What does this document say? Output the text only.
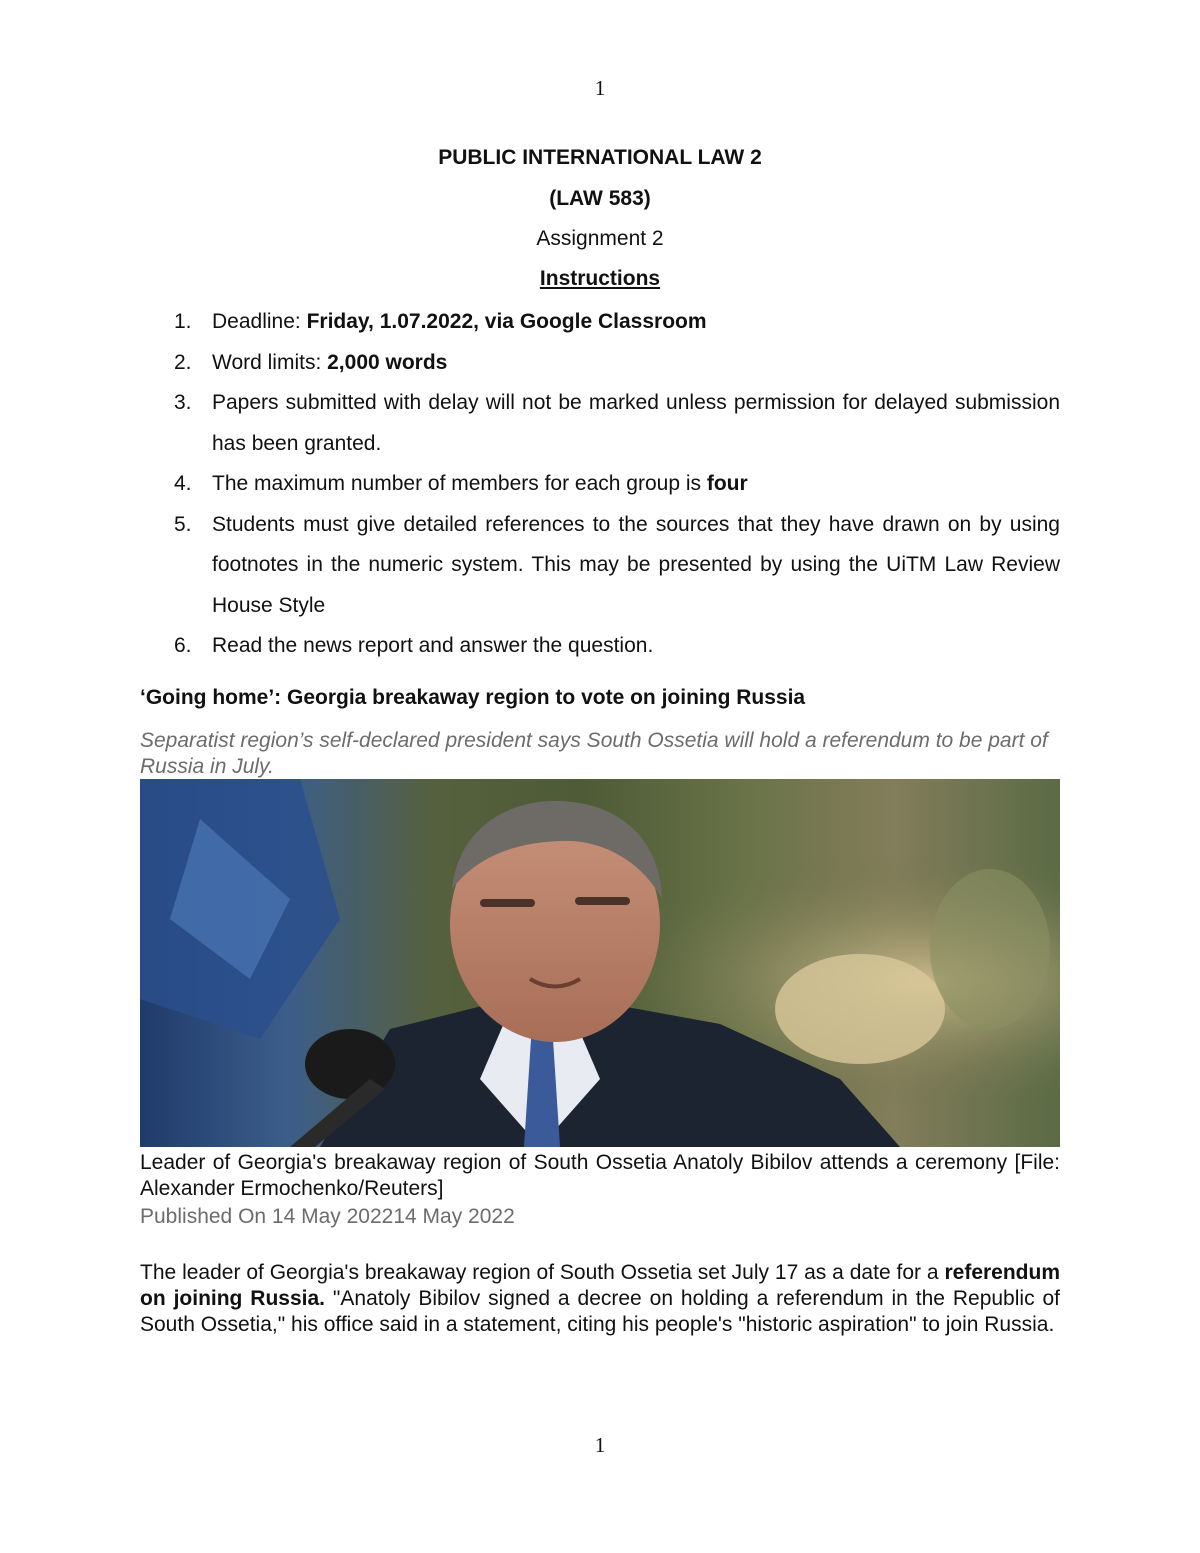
1
PUBLIC INTERNATIONAL LAW 2
(LAW 583)
Assignment 2
Instructions
1. Deadline: Friday, 1.07.2022, via Google Classroom
2. Word limits: 2,000 words
3. Papers submitted with delay will not be marked unless permission for delayed submission has been granted.
4. The maximum number of members for each group is four
5. Students must give detailed references to the sources that they have drawn on by using footnotes in the numeric system. This may be presented by using the UiTM Law Review House Style
6. Read the news report and answer the question.
‘Going home’: Georgia breakaway region to vote on joining Russia
Separatist region’s self-declared president says South Ossetia will hold a referendum to be part of Russia in July.
Leader of Georgia's breakaway region of South Ossetia Anatoly Bibilov attends a ceremony [File: Alexander Ermochenko/Reuters]
Published On 14 May 202214 May 2022
The leader of Georgia's breakaway region of South Ossetia set July 17 as a date for a referendum on joining Russia. "Anatoly Bibilov signed a decree on holding a referendum in the Republic of South Ossetia," his office said in a statement, citing his people's "historic aspiration" to join Russia.
1
